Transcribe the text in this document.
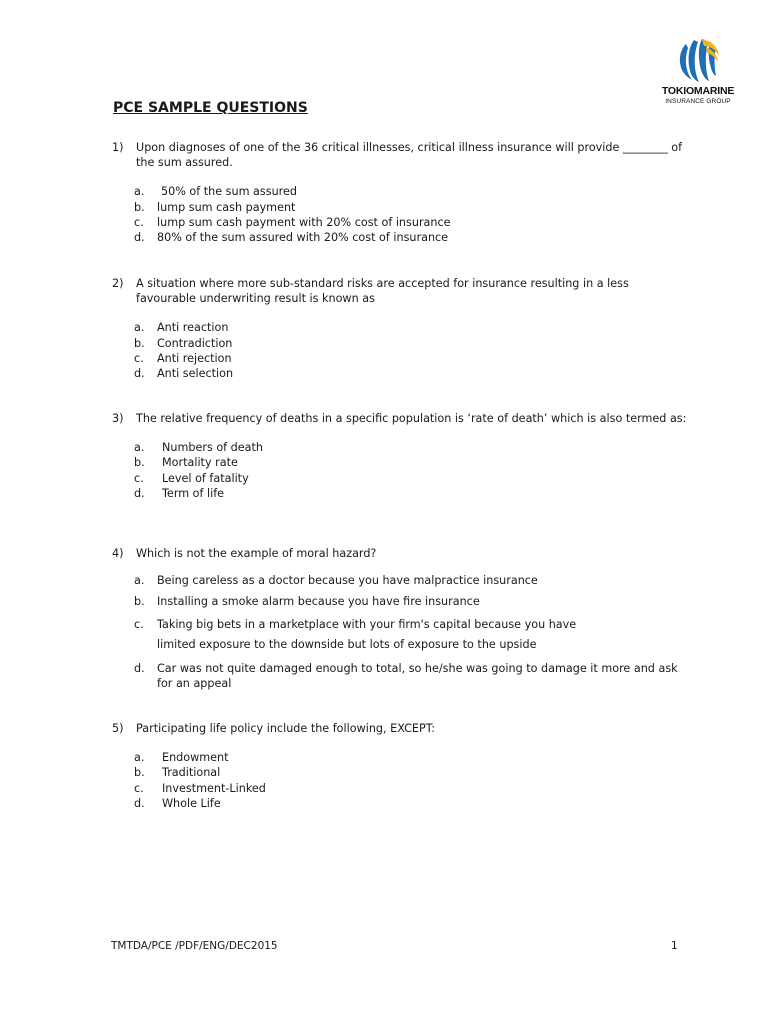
TOKIOMARINE
INSURANCE GROUP
PCE SAMPLE QUESTIONS
1) Upon diagnoses of one of the 36 critical illnesses, critical illness insurance will provide ________ of the sum assured.
a. 50% of the sum assured
b. lump sum cash payment
c. lump sum cash payment with 20% cost of insurance
d. 80% of the sum assured with 20% cost of insurance
2) A situation where more sub-standard risks are accepted for insurance resulting in a less favourable underwriting result is known as
a. Anti reaction
b. Contradiction
c. Anti rejection
d. Anti selection
3) The relative frequency of deaths in a specific population is ‘rate of death’ which is also termed as:
a. Numbers of death
b. Mortality rate
c. Level of fatality
d. Term of life
4) Which is not the example of moral hazard?
a. Being careless as a doctor because you have malpractice insurance
b. Installing a smoke alarm because you have fire insurance
c. Taking big bets in a marketplace with your firm's capital because you have limited exposure to the downside but lots of exposure to the upside
d. Car was not quite damaged enough to total, so he/she was going to damage it more and ask for an appeal
5) Participating life policy include the following, EXCEPT:
a. Endowment
b. Traditional
c. Investment-Linked
d. Whole Life
TMTDA/PCE /PDF/ENG/DEC2015	1
